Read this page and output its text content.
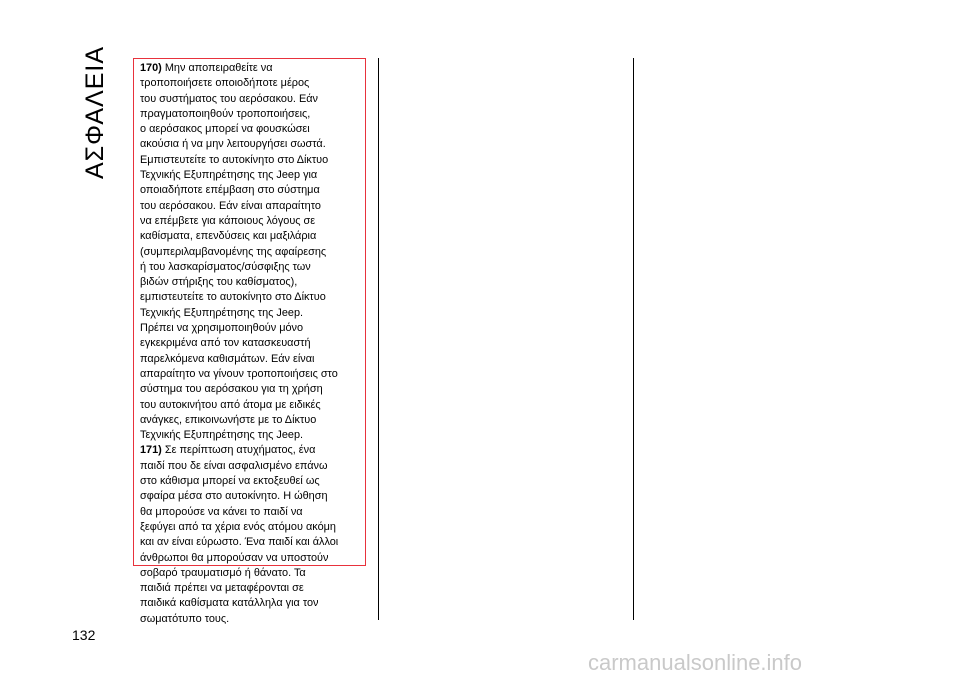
ΑΣΦΑΛΕΙΑ	170) Μην αποπειραθείτε να

τροποποιήσετε οποιοδήποτε μέρος

του συστήματος του αερόσακου. Εάν

πραγματοποιηθούν τροποποιήσεις,

ο αερόσακος μπορεί να φουσκώσει

ακούσια ή να μην λειτουργήσει σωστά.

Εμπιστευτείτε το αυτοκίνητο στο Δίκτυο

Τεχνικής Εξυπηρέτησης της Jeep για

οποιαδήποτε επέμβαση στο σύστημα

του αερόσακου. Εάν είναι απαραίτητο

να επέμβετε για κάποιους λόγους σε

καθίσματα, επενδύσεις και μαξιλάρια

(συμπεριλαμβανομένης της αφαίρεσης

ή του λασκαρίσματος/σύσφιξης των

βιδών στήριξης του καθίσματος),

εμπιστευτείτε το αυτοκίνητο στο Δίκτυο

Τεχνικής Εξυπηρέτησης της Jeep.

Πρέπει να χρησιμοποιηθούν μόνο

εγκεκριμένα από τον κατασκευαστή

παρελκόμενα καθισμάτων. Εάν είναι

απαραίτητο να γίνουν τροποποιήσεις στο

σύστημα του αερόσακου για τη χρήση

του αυτοκινήτου από άτομα με ειδικές

ανάγκες, επικοινωνήστε με το Δίκτυο

Τεχνικής Εξυπηρέτησης της Jeep.

171) Σε περίπτωση ατυχήματος, ένα

παιδί που δε είναι ασφαλισμένο επάνω

στο κάθισμα μπορεί να εκτοξευθεί ως

σφαίρα μέσα στο αυτοκίνητο. Η ώθηση

θα μπορούσε να κάνει το παιδί να

ξεφύγει από τα χέρια ενός ατόμου ακόμη

και αν είναι εύρωστο. Ένα παιδί και άλλοι

άνθρωποι θα μπορούσαν να υποστούν

σοβαρό τραυματισμό ή θάνατο. Τα

παιδιά πρέπει να μεταφέρονται σε

παιδικά καθίσματα κατάλληλα για τον

σωματότυπο τους.

132
carmanualsonline.info
